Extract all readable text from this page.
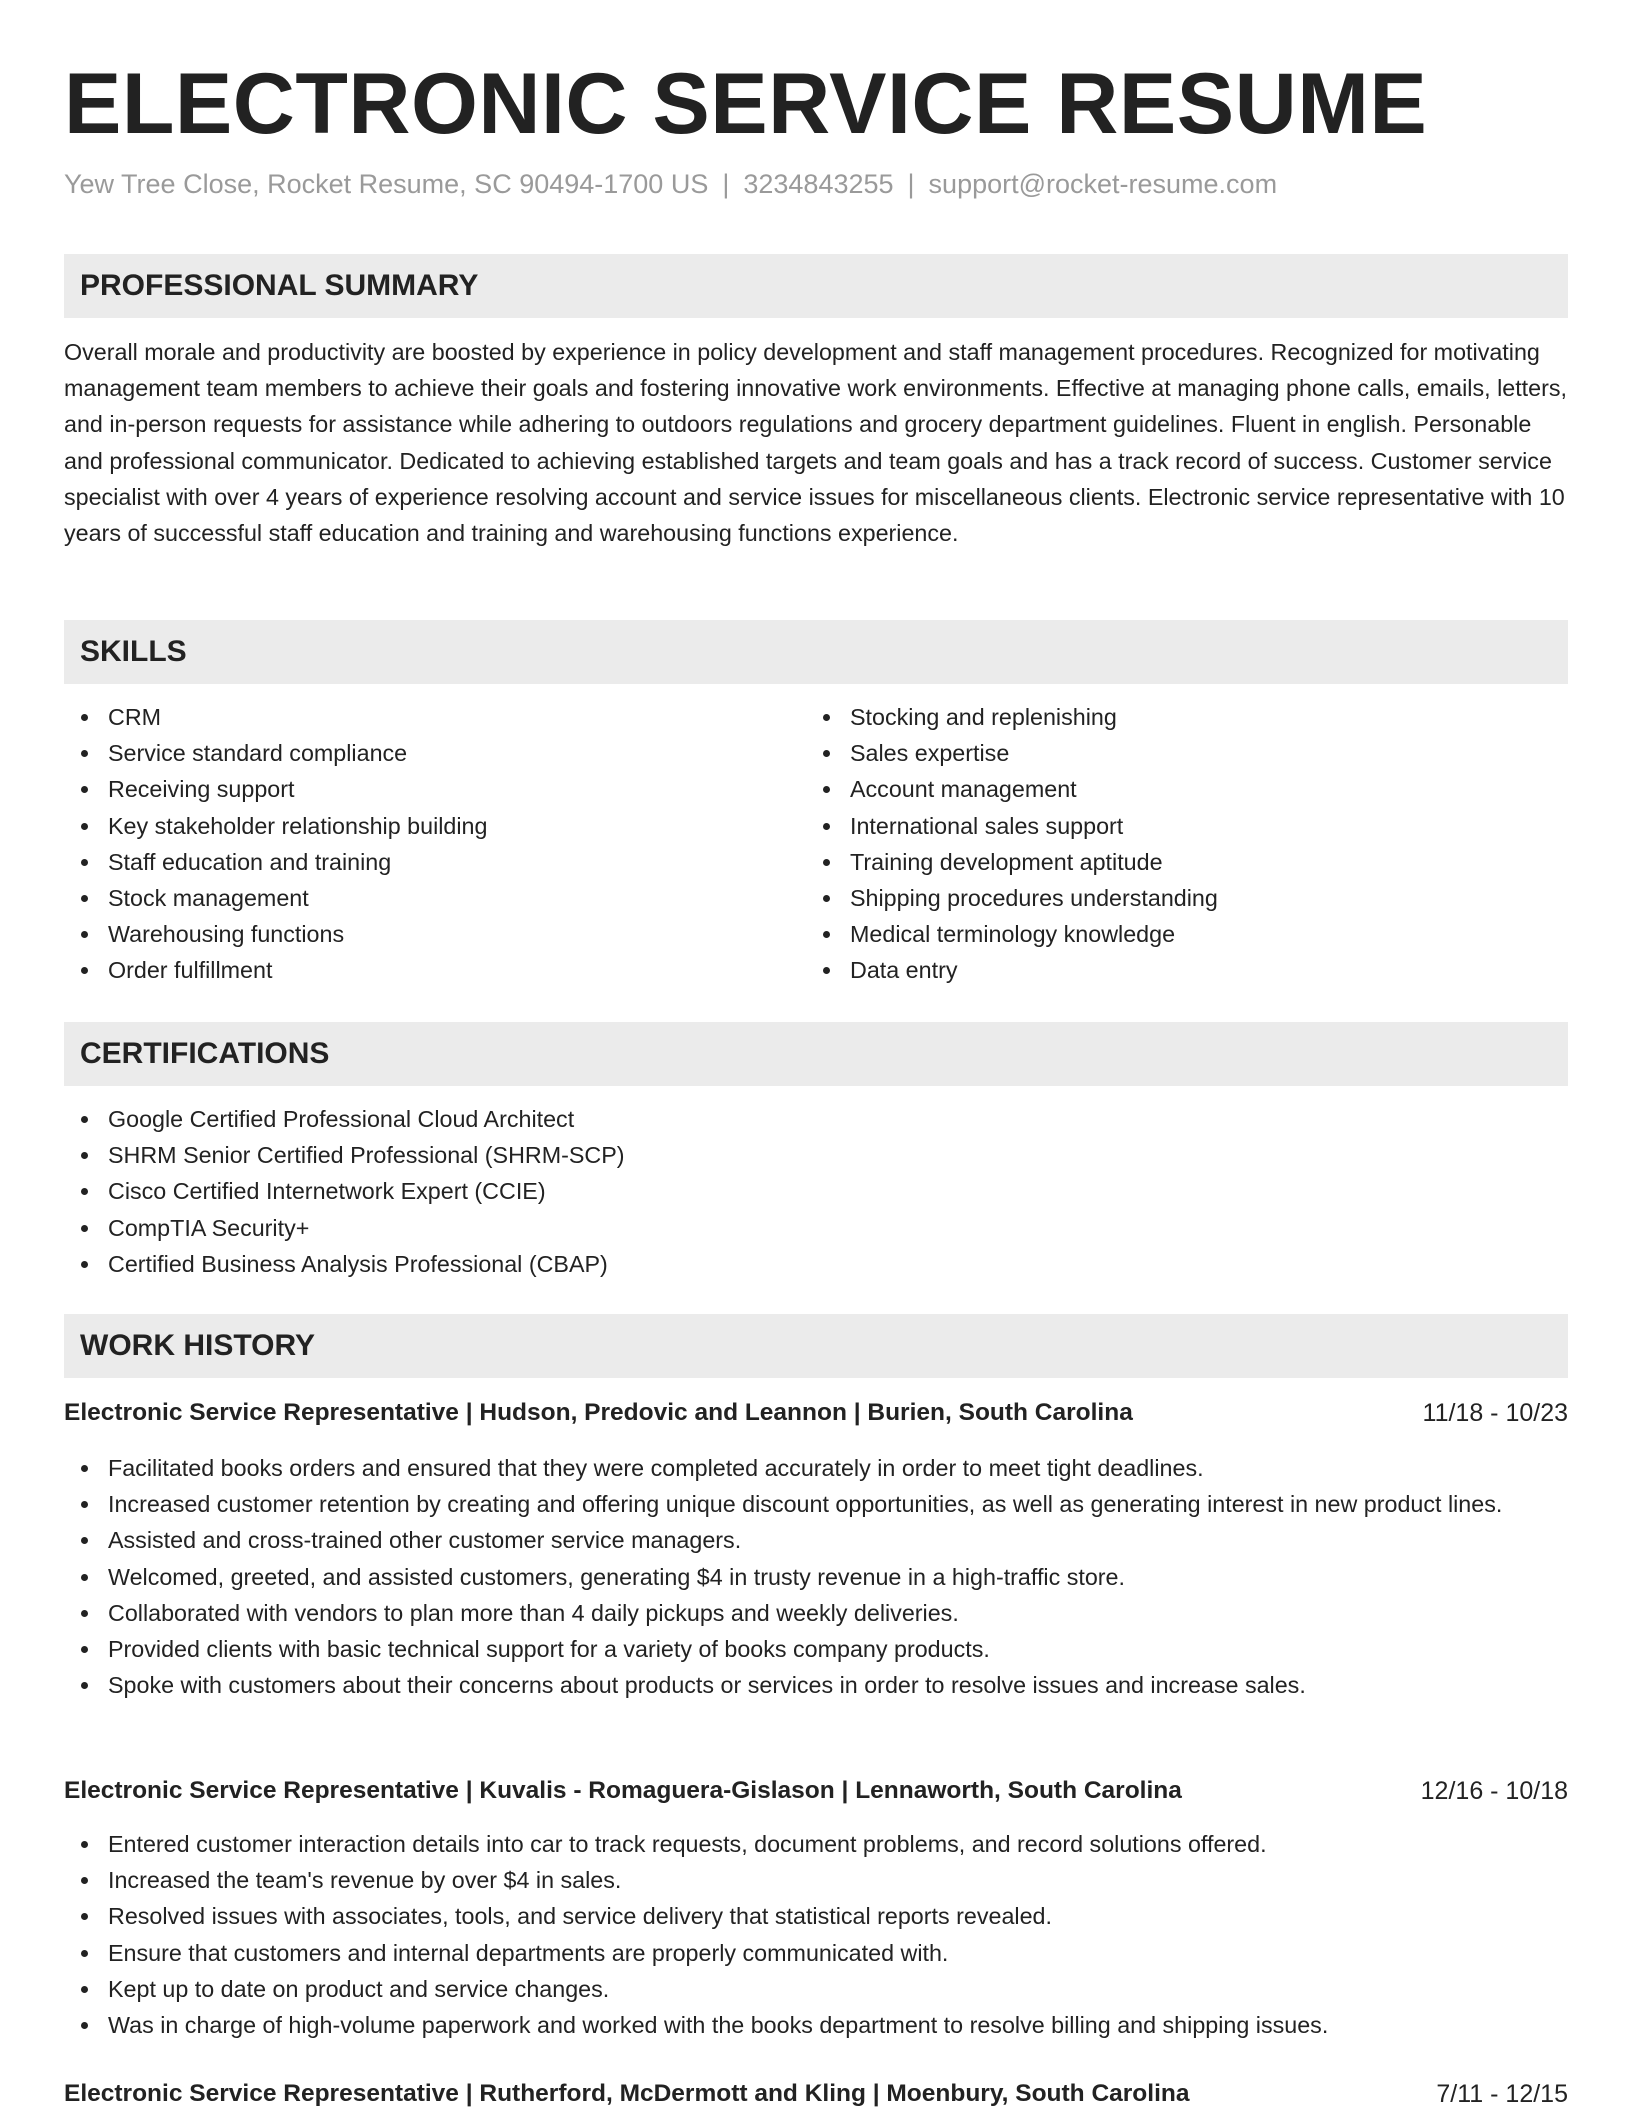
ELECTRONIC SERVICE RESUME
Yew Tree Close, Rocket Resume, SC 90494-1700 US | 3234843255 | support@rocket-resume.com
PROFESSIONAL SUMMARY

Overall morale and productivity are boosted by experience in policy development and staff management procedures. Recognized for motivating management team members to achieve their goals and fostering innovative work environments. Effective at managing phone calls, emails, letters, and in-person requests for assistance while adhering to outdoors regulations and grocery department guidelines. Fluent in english. Personable and professional communicator. Dedicated to achieving established targets and team goals and has a track record of success. Customer service specialist with over 4 years of experience resolving account and service issues for miscellaneous clients. Electronic service representative with 10 years of successful staff education and training and warehousing functions experience.

SKILLS
CRM
Service standard compliance
Receiving support
Key stakeholder relationship building
Staff education and training
Stock management
Warehousing functions
Order fulfillment
Stocking and replenishing
Sales expertise
Account management
International sales support
Training development aptitude
Shipping procedures understanding
Medical terminology knowledge
Data entry
CERTIFICATIONS
Google Certified Professional Cloud Architect
SHRM Senior Certified Professional (SHRM-SCP)
Cisco Certified Internetwork Expert (CCIE)
CompTIA Security+
Certified Business Analysis Professional (CBAP)
WORK HISTORY
Electronic Service Representative | Hudson, Predovic and Leannon | Burien, South Carolina	11/18 - 10/23
Facilitated books orders and ensured that they were completed accurately in order to meet tight deadlines.
Increased customer retention by creating and offering unique discount opportunities, as well as generating interest in new product lines.
Assisted and cross-trained other customer service managers.
Welcomed, greeted, and assisted customers, generating $4 in trusty revenue in a high-traffic store.
Collaborated with vendors to plan more than 4 daily pickups and weekly deliveries.
Provided clients with basic technical support for a variety of books company products.
Spoke with customers about their concerns about products or services in order to resolve issues and increase sales.
Electronic Service Representative | Kuvalis - Romaguera-Gislason | Lennaworth, South Carolina	12/16 - 10/18
Entered customer interaction details into car to track requests, document problems, and record solutions offered.
Increased the team's revenue by over $4 in sales.
Resolved issues with associates, tools, and service delivery that statistical reports revealed.
Ensure that customers and internal departments are properly communicated with.
Kept up to date on product and service changes.
Was in charge of high-volume paperwork and worked with the books department to resolve billing and shipping issues.
Electronic Service Representative | Rutherford, McDermott and Kling | Moenbury, South Carolina	7/11 - 12/15
